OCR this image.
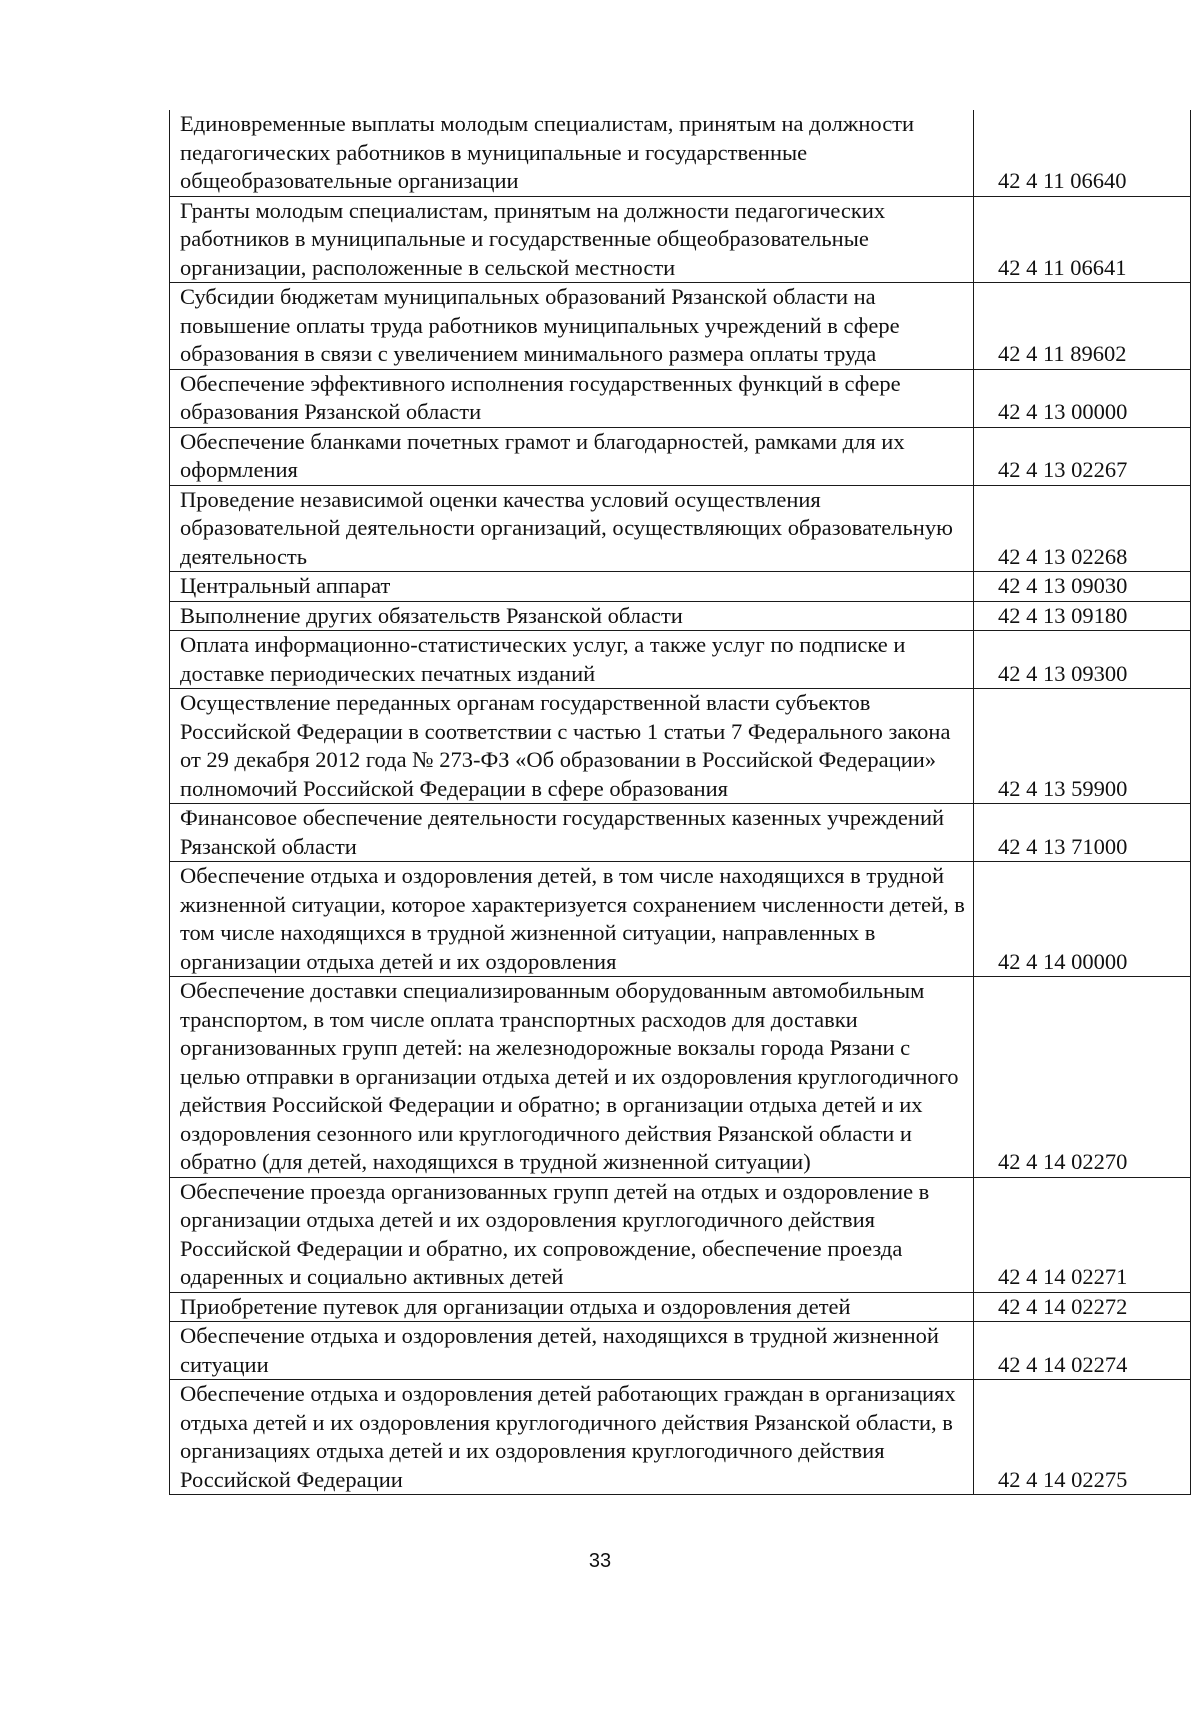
Единовременные выплаты молодым специалистам, принятым на должности педагогических работников в муниципальные и государственные общеобразовательные организации	42 4 11 06640
Гранты молодым специалистам, принятым на должности педагогических работников в муниципальные и государственные общеобразовательные организации, расположенные в сельской местности	42 4 11 06641
Субсидии бюджетам муниципальных образований Рязанской области на повышение оплаты труда работников муниципальных учреждений в сфере образования в связи с увеличением минимального размера оплаты труда	42 4 11 89602
Обеспечение эффективного исполнения государственных функций в сфере образования Рязанской области	42 4 13 00000
Обеспечение бланками почетных грамот и благодарностей, рамками для их оформления	42 4 13 02267
Проведение независимой оценки качества условий осуществления образовательной деятельности организаций, осуществляющих образовательную деятельность	42 4 13 02268
Центральный аппарат	42 4 13 09030
Выполнение других обязательств Рязанской области	42 4 13 09180
Оплата информационно-статистических услуг, а также услуг по подписке и доставке периодических печатных изданий	42 4 13 09300
Осуществление переданных органам государственной власти субъектов Российской Федерации в соответствии с частью 1 статьи 7 Федерального закона от 29 декабря 2012 года № 273-ФЗ «Об образовании в Российской Федерации» полномочий Российской Федерации в сфере образования	42 4 13 59900
Финансовое обеспечение деятельности государственных казенных учреждений Рязанской области	42 4 13 71000
Обеспечение отдыха и оздоровления детей, в том числе находящихся в трудной жизненной ситуации, которое характеризуется сохранением численности детей, в том числе находящихся в трудной жизненной ситуации, направленных в организации отдыха детей и их оздоровления	42 4 14 00000
Обеспечение доставки специализированным оборудованным автомобильным транспортом, в том числе оплата транспортных расходов для доставки организованных групп детей: на железнодорожные вокзалы города Рязани с целью отправки в организации отдыха детей и их оздоровления круглогодичного действия Российской Федерации и обратно; в организации отдыха детей и их оздоровления сезонного или круглогодичного действия Рязанской области и обратно (для детей, находящихся в трудной жизненной ситуации)	42 4 14 02270
Обеспечение проезда организованных групп детей на отдых и оздоровление в организации отдыха детей и их оздоровления круглогодичного действия Российской Федерации и обратно, их сопровождение, обеспечение проезда одаренных и социально активных детей	42 4 14 02271
Приобретение путевок для организации отдыха и оздоровления детей	42 4 14 02272
Обеспечение отдыха и оздоровления детей, находящихся в трудной жизненной ситуации	42 4 14 02274
Обеспечение отдыха и оздоровления детей работающих граждан в организациях отдыха детей и их оздоровления круглогодичного действия Рязанской области, в организациях отдыха детей и их оздоровления круглогодичного действия Российской Федерации	42 4 14 02275
33
